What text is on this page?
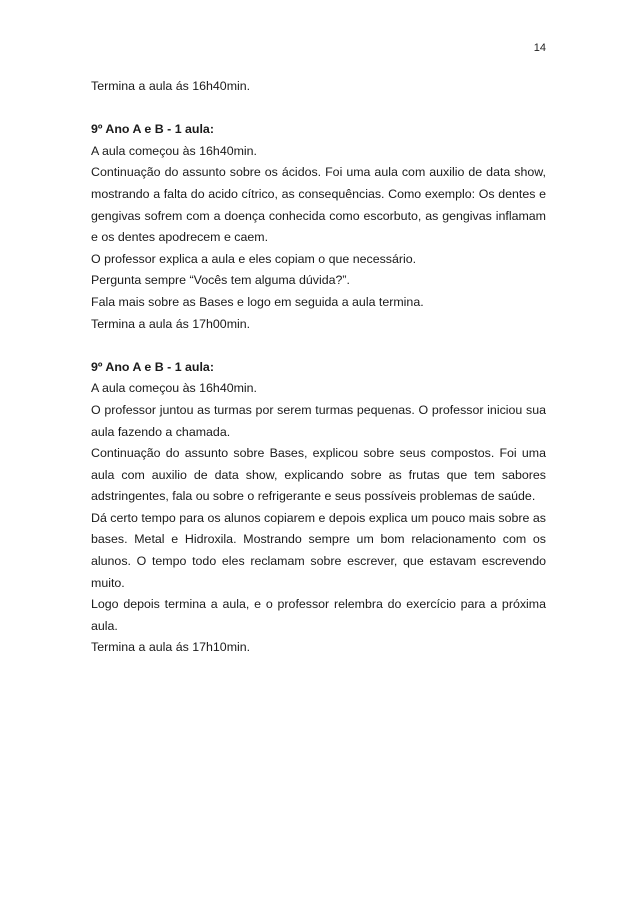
14
Termina a aula ás 16h40min.
9º Ano A e B - 1 aula:
A aula começou às 16h40min.
Continuação do assunto sobre os ácidos. Foi uma aula com auxilio de data show, mostrando a falta do acido cítrico, as consequências. Como exemplo: Os dentes e gengivas sofrem com a doença conhecida como escorbuto, as gengivas inflamam e os dentes apodrecem e caem.
O professor explica a aula e eles copiam o que necessário.
Pergunta sempre “Vocês tem alguma dúvida?”.
Fala mais sobre as Bases e logo em seguida a aula termina.
Termina a aula ás 17h00min.
9º Ano A e B - 1 aula:
A aula começou às 16h40min.
O professor juntou as turmas por serem turmas pequenas. O professor iniciou sua aula fazendo a chamada.
Continuação do assunto sobre Bases, explicou sobre seus compostos. Foi uma aula com auxilio de data show, explicando sobre as frutas que tem sabores adstringentes, fala ou sobre o refrigerante e seus possíveis problemas de saúde.
Dá certo tempo para os alunos copiarem e depois explica um pouco mais sobre as bases. Metal e Hidroxila. Mostrando sempre um bom relacionamento com os alunos. O tempo todo eles reclamam sobre escrever, que estavam escrevendo muito.
Logo depois termina a aula, e o professor relembra do exercício para a próxima aula.
Termina a aula ás 17h10min.
